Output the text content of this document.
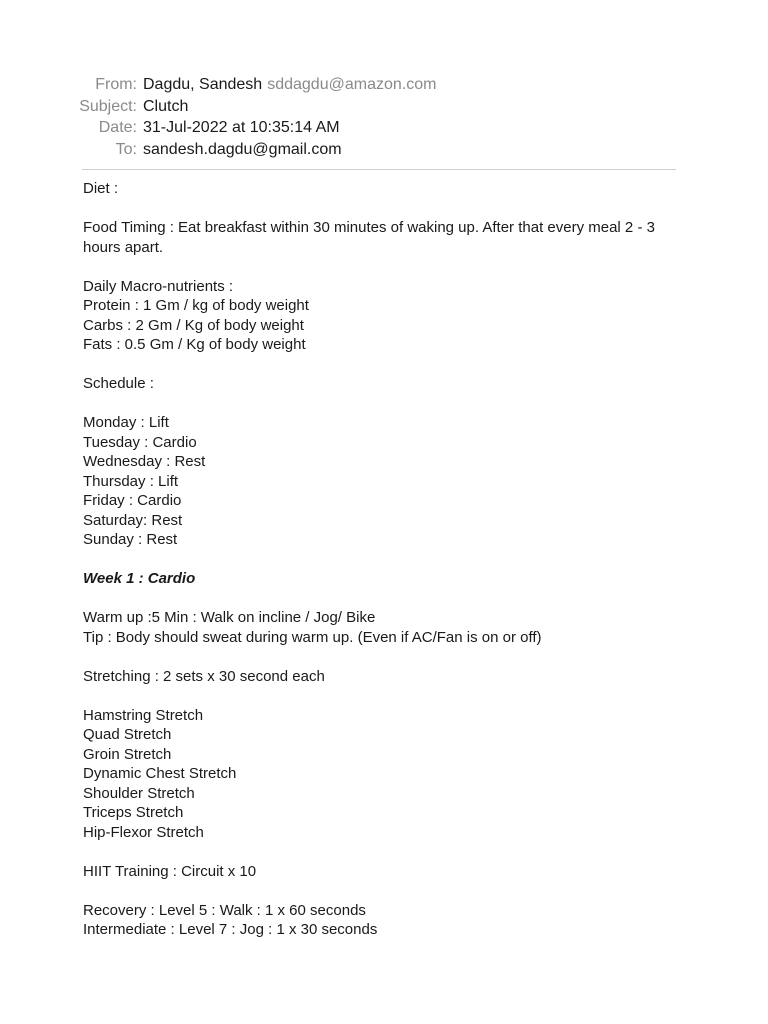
From: Dagdu, Sandesh sddagdu@amazon.com
Subject: Clutch
Date: 31-Jul-2022 at 10:35:14 AM
To: sandesh.dagdu@gmail.com
Diet :
Food Timing : Eat breakfast within 30 minutes of waking up. After that every meal 2 - 3 hours apart.
Daily Macro-nutrients :
Protein : 1 Gm / kg of body weight
Carbs : 2 Gm / Kg of body weight
Fats : 0.5 Gm / Kg of body weight
Schedule :
Monday : Lift
Tuesday : Cardio
Wednesday : Rest
Thursday : Lift
Friday : Cardio
Saturday: Rest
Sunday : Rest
Week 1 : Cardio
Warm up :5 Min : Walk on incline / Jog/ Bike
Tip : Body should sweat during warm up. (Even if AC/Fan is on or off)
Stretching : 2 sets x 30 second each
Hamstring Stretch
Quad Stretch
Groin Stretch
Dynamic Chest Stretch
Shoulder Stretch
Triceps Stretch
Hip-Flexor Stretch
HIIT Training : Circuit x 10
Recovery : Level 5 : Walk : 1 x 60 seconds
Intermediate : Level 7 : Jog : 1 x 30 seconds
